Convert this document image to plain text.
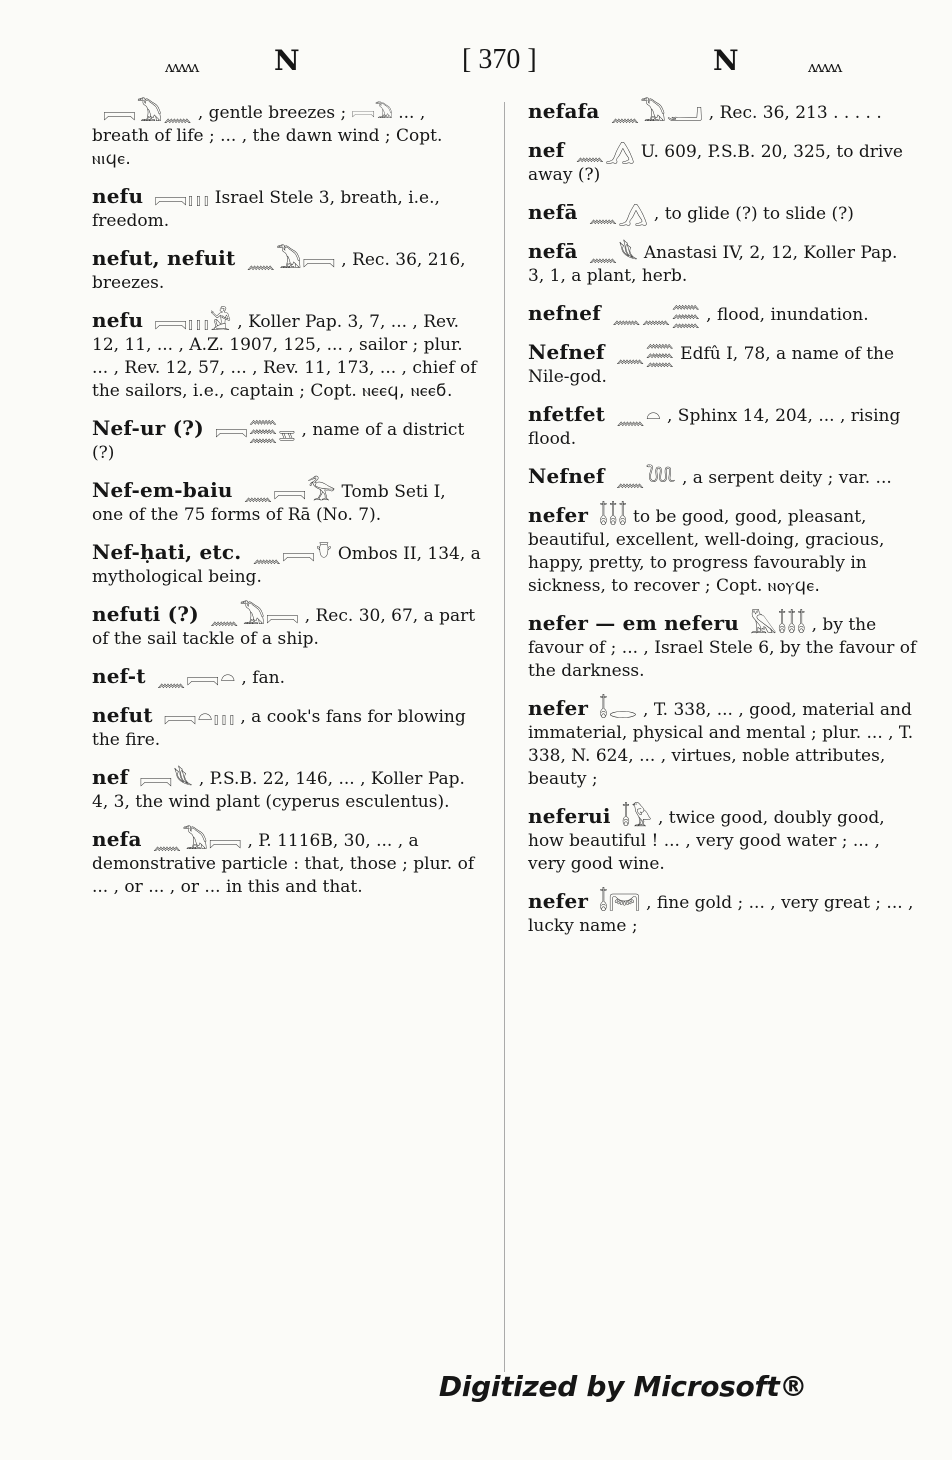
ʌʌʌʌʌ	N	[ 370 ]	N	ʌʌʌʌʌ

𓇯𓅐𓈖 , gentle breezes ; 𓇯𓅐 ... , breath of life ; ... , the dawn wind ; Copt. ⲛⲓϥⲉ.

nefu 𓇯𓏥 Israel Stele 3, breath, i.e., freedom.

nefut, nefuit 𓈖𓅐𓇯 , Rec. 36, 216, breezes.

nefu 𓇯𓏥𓀀 , Koller Pap. 3, 7, ... , Rev. 12, 11, ... , A.Z. 1907, 125, ... , sailor ; plur. ... , Rev. 12, 57, ... , Rev. 11, 173, ... , chief of the sailors, i.e., captain ; Copt. ⲛⲉⲉϥ, ⲛⲉⲉϭ.

Nef-ur (?) 𓇯𓈗𓈇 , name of a district (?)

Nef-em-baiu 𓈖𓇯𓅡 Tomb Seti I, one of the 75 forms of Rā (No. 7).

Nef-ḥati, etc. 𓈖𓇯𓄣 Ombos II, 134, a mythological being.

nefuti (?) 𓈖𓅐𓇯 , Rec. 30, 67, a part of the sail tackle of a ship.

nef-t 𓈖𓇯𓏏 , fan.

nefut 𓇯𓏏𓏥 , a cook's fans for blowing the fire.

nef 𓇯𓆰 , P.S.B. 22, 146, ... , Koller Pap. 4, 3, the wind plant (cyperus esculentus).

nefa 𓈖𓅐𓇯 , P. 1116B, 30, ... , a demonstrative particle : that, those ; plur. of ... , or ... , or ... in this and that.

nefafa 𓈖𓅐𓂝 , Rec. 36, 213 . . . . .

nef 𓈖𓂻 U. 609, P.S.B. 20, 325, to drive away (?)

nefā 𓈖𓂻 , to glide (?) to slide (?)

nefā 𓈖𓆰 Anastasi IV, 2, 12, Koller Pap. 3, 1, a plant, herb.

nefnef 𓈖𓈖𓈗 , flood, inundation.

Nefnef 𓈖𓈗 Edfû I, 78, a name of the Nile-god.

nfetfet 𓈖𓏏 , Sphinx 14, 204, ... , rising flood.

Nefnef 𓈖𓆙 , a serpent deity ; var. ...

nefer 𓄤𓄤𓄤 to be good, good, pleasant, beautiful, excellent, well-doing, gracious, happy, pretty, to progress favourably in sickness, to recover ; Copt. ⲛⲟⲩϥⲉ.

nefer — em neferu 𓅓𓄤𓄤𓄤 , by the favour of ; ... , Israel Stele 6, by the favour of the darkness.

nefer 𓄤𓂋 , T. 338, ... , good, material and immaterial, physical and mental ; plur. ... , T. 338, N. 624, ... , virtues, noble attributes, beauty ;

neferui 𓄤𓅱 , twice good, doubly good, how beautiful ! ... , very good water ; ... , very good wine.

nefer 𓄤𓋞 , fine gold ; ... , very great ; ... , lucky name ;

Digitized by Microsoft®
